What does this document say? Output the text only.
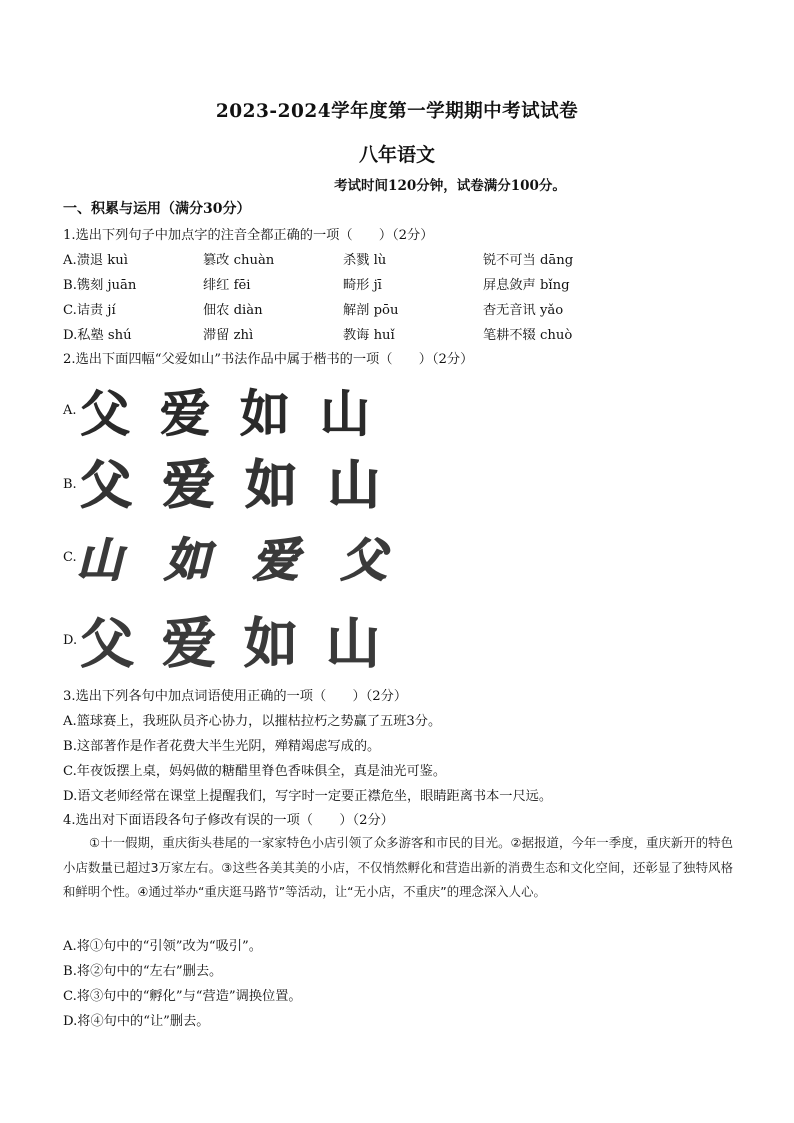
2023-2024学年度第一学期期中考试试卷
八年语文
考试时间120分钟，试卷满分100分。
一、积累与运用（满分30分）
1.选出下列句子中加点字的注音全都正确的一项（　　）（2分）
A.溃退 kuì	篡改 chuàn	杀戮 lù	锐不可当 dāng
B.镌刻 juān	绯红 fēi	畸形 jī	屏息敛声 bǐng
C.诘责 jí	佃农 diàn	解剖 pōu	杳无音讯 yǎo
D.私塾 shú	滞留 zhì	教诲 huǐ	笔耕不辍 chuò
2.选出下面四幅“父爱如山”书法作品中属于楷书的一项（　　）（2分）
A. 父爱如山
B. 父爱如山
C.
山如爱父
D. 父爱如山
3.选出下列各句中加点词语使用正确的一项（　　）（2分）
A.篮球赛上，我班队员齐心协力，以摧枯拉朽之势赢了五班3分。
B.这部著作是作者花费大半生光阴，殚精竭虑写成的。
C.年夜饭摆上桌，妈妈做的糖醋里脊色香味俱全，真是油光可鉴。
D.语文老师经常在课堂上提醒我们，写字时一定要正襟危坐，眼睛距离书本一尺远。
4.选出对下面语段各句子修改有误的一项（　　）（2分）
①十一假期，重庆街头巷尾的一家家特色小店引领了众多游客和市民的目光。②据报道，今年一季度，重庆新开的特色小店数量已超过3万家左右。③这些各美其美的小店，不仅悄然孵化和营造出新的消费生态和文化空间，还彰显了独特风格和鲜明个性。④通过举办“重庆逛马路节”等活动，让“无小店，不重庆”的理念深入人心。
A.将①句中的“引领”改为“吸引”。
B.将②句中的“左右”删去。
C.将③句中的“孵化”与“营造”调换位置。
D.将④句中的“让”删去。
